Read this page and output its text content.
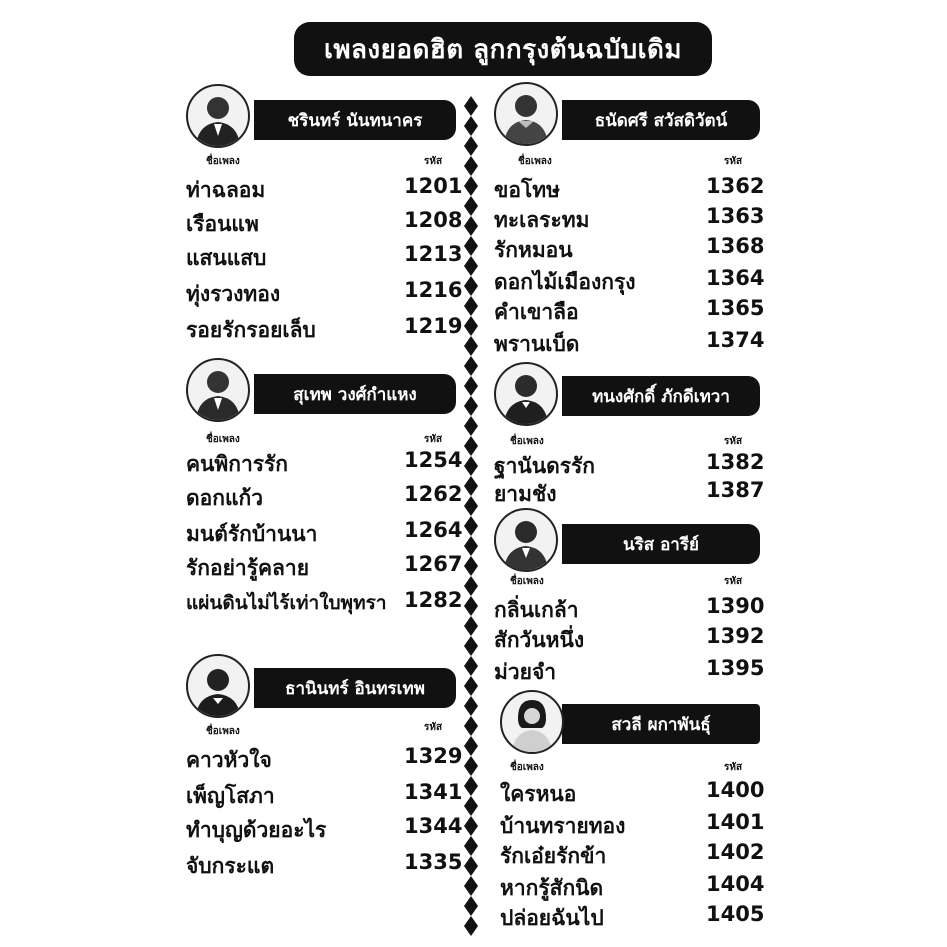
เพลงยอดฮิต ลูกกรุงต้นฉบับเดิม
ชรินทร์ นันทนาคร
ชื่อเพลง	รหัส
ท่าฉลอม	1201
เรือนแพ	1208
แสนแสบ	1213
ทุ่งรวงทอง	1216
รอยรักรอยเล็บ	1219
สุเทพ วงศ์กำแหง
ชื่อเพลง	รหัส
คนพิการรัก	1254
ดอกแก้ว	1262
มนต์รักบ้านนา	1264
รักอย่ารู้คลาย	1267
แผ่นดินไม่ไร้เท่าใบพุทรา 1282
ธานินทร์ อินทรเทพ
ชื่อเพลง	รหัส
คาวหัวใจ	1329
เพ็ญโสภา	1341
ทำบุญด้วยอะไร	1344
จับกระแต	1335
ธนัดศรี สวัสดิวัตน์
ชื่อเพลง	รหัส
ขอโทษ	1362
ทะเลระทม	1363
รักหมอน	1368
ดอกไม้เมืองกรุง	1364
คำเขาลือ	1365
พรานเบ็ด	1374
ทนงศักดิ์ ภักดีเทวา
ชื่อเพลง	รหัส
ฐานันดรรัก	1382
ยามชัง	1387
นริส อารีย์
ชื่อเพลง	รหัส
กลิ่นเกล้า	1390
สักวันหนึ่ง	1392
ม่วยจำ	1395
สวลี ผกาพันธุ์
ชื่อเพลง	รหัส
ใครหนอ	1400
บ้านทรายทอง	1401
รักเอ๋ยรักข้า	1402
หากรู้สักนิด	1404
ปล่อยฉันไป	1405
